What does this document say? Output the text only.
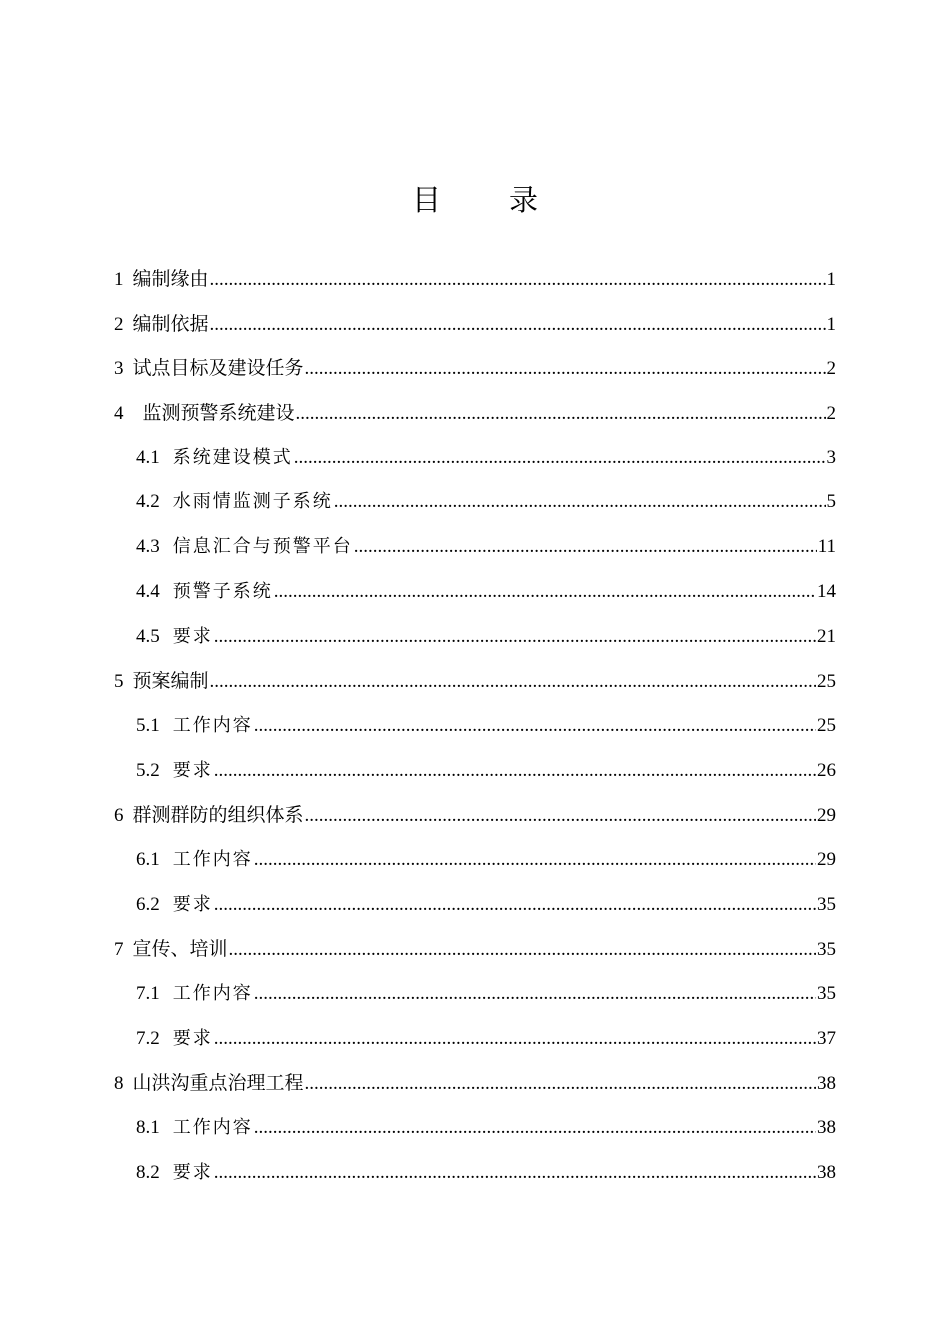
目录
1 编制缘由 .....	1
2 编制依据 .....	1
3 试点目标及建设任务 .....	2
4 监测预警系统建设 .....	2
4.1 系统建设模式 .....	3
4.2 水雨情监测子系统 .....	5
4.3 信息汇合与预警平台 .....	11
4.4 预警子系统 .....	14
4.5 要求 .....	21
5 预案编制 .....	25
5.1 工作内容 .....	25
5.2 要求 .....	26
6 群测群防的组织体系 .....	29
6.1 工作内容 .....	29
6.2 要求 .....	35
7 宣传、培训 .....	35
7.1 工作内容 .....	35
7.2 要求 .....	37
8 山洪沟重点治理工程 .....	38
8.1 工作内容 .....	38
8.2 要求 .....	38
